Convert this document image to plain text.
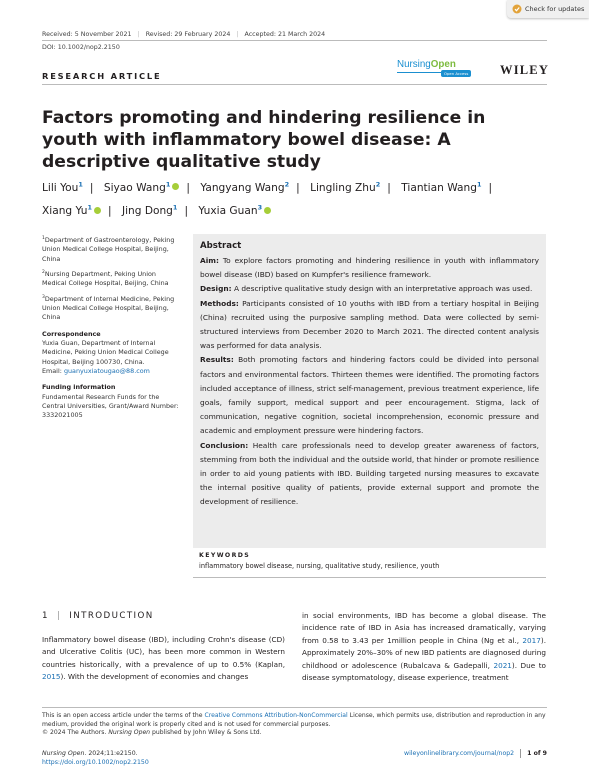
Check for updates
Received: 5 November 2021 | Revised: 29 February 2024 | Accepted: 21 March 2024
DOI: 10.1002/nop2.2150
RESEARCH ARTICLE
NursingOpen
Open Access	WILEY
Factors promoting and hindering resilience in youth with inflammatory bowel disease: A descriptive qualitative study
Lili You$^1$ | Siyao Wang$^1$ | Yangyang Wang$^2$ | Lingling Zhu$^2$ | Tiantian Wang$^1$ |
Xiang Yu$^1$ | Jing Dong$^1$ | Yuxia Guan$^3$

$^1$Department of Gastroenterology, Peking Union Medical College Hospital, Beijing, China

$^2$Nursing Department, Peking Union Medical College Hospital, Beijing, China

$^3$Department of Internal Medicine, Peking Union Medical College Hospital, Beijing, China

Correspondence

Yuxia Guan, Department of Internal Medicine, Peking Union Medical College Hospital, Beijing 100730, China.
Email: guanyuxiatougao@88.com

Funding information

Fundamental Research Funds for the Central Universities, Grant/Award Number: 3332021005

Abstract

Aim: To explore factors promoting and hindering resilience in youth with inflammatory bowel disease (IBD) based on Kumpfer's resilience framework.

Design: A descriptive qualitative study design with an interpretative approach was used.

Methods: Participants consisted of 10 youths with IBD from a tertiary hospital in Beijing (China) recruited using the purposive sampling method. Data were collected by semi-structured interviews from December 2020 to March 2021. The directed content analysis was performed for data analysis.

Results: Both promoting factors and hindering factors could be divided into personal factors and environmental factors. Thirteen themes were identified. The promoting factors included acceptance of illness, strict self-management, previous treatment experience, life goals, family support, medical support and peer encouragement. Stigma, lack of communication, negative cognition, societal incomprehension, economic pressure and academic and employment pressure were hindering factors.

Conclusion: Health care professionals need to develop greater awareness of factors, stemming from both the individual and the outside world, that hinder or promote resilience in order to aid young patients with IBD. Building targeted nursing measures to excavate the internal positive quality of patients, provide external support and promote the development of resilience.

KEYWORDS
inflammatory bowel disease, nursing, qualitative study, resilience, youth
1 | INTRODUCTION
Inflammatory bowel disease (IBD), including Crohn's disease (CD) and Ulcerative Colitis (UC), has been more common in Western countries historically, with a prevalence of up to 0.5% (Kaplan, 2015). With the development of economies and changes
in social environments, IBD has become a global disease. The incidence rate of IBD in Asia has increased dramatically, varying from 0.58 to 3.43 per 1million people in China (Ng et al., 2017). Approximately 20%–30% of new IBD patients are diagnosed during childhood or adolescence (Rubalcava & Gadepalli, 2021). Due to disease symptomatology, disease experience, treatment
This is an open access article under the terms of the Creative Commons Attribution-NonCommercial License, which permits use, distribution and reproduction in any medium, provided the original work is properly cited and is not used for commercial purposes.
© 2024 The Authors. Nursing Open published by John Wiley & Sons Ltd.
Nursing Open. 2024;11:e2150.
https://doi.org/10.1002/nop2.2150
wileyonlinelibrary.com/journal/nop2 1 of 9
